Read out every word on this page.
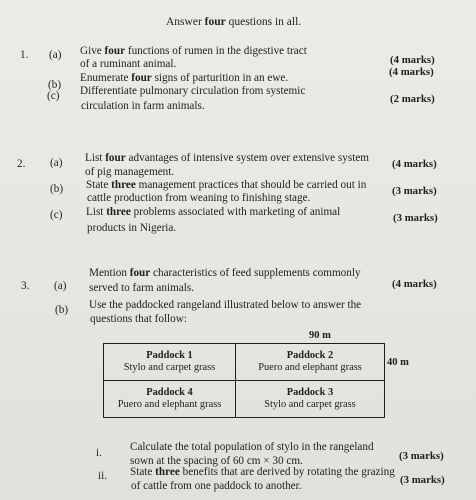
Answer four questions in all.
1. (a) Give four functions of rumen in the digestive tract
of a ruminant animal.	(4 marks)
(b)
Enumerate four signs of parturition in an ewe.	(4 marks)
(c) Differentiate pulmonary circulation from systemic
circulation in farm animals.
(2 marks)
2. (a) List four advantages of intensive system over extensive system
of pig management.
(4 marks)
(b) State three management practices that should be carried out in
cattle production from weaning to finishing stage.
(3 marks)
(c) List three problems associated with marketing of animal
products in Nigeria.
(3 marks)
3. (a)
Mention four characteristics of feed supplements commonly
served to farm animals.	(4 marks)
(b) Use the paddocked rangeland illustrated below to answer the
questions that follow:
90 m
Paddock 1
Stylo and carpet grass	Paddock 2
Puero and elephant grass

Paddock 4
Puero and elephant grass	Paddock 3
Stylo and carpet grass
40 m
i.	Calculate the total population of stylo in the rangeland
sown at the spacing of 60 cm × 30 cm.	(3 marks)
ii. State three benefits that are derived by rotating the grazing
of cattle from one paddock to another.	(3 marks)
